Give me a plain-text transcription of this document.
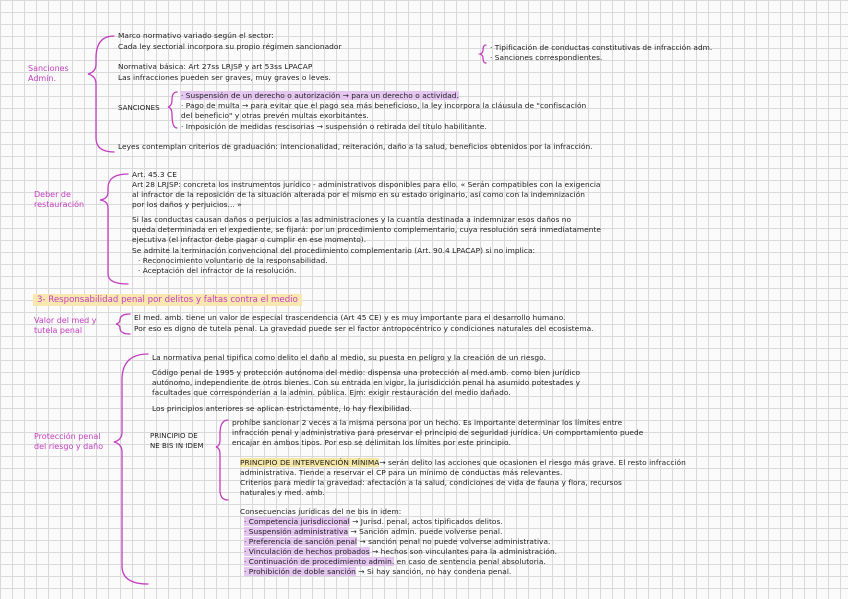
Sanciones
Admin.
Marco normativo variado según el sector:
Cada ley sectorial incorpora su propio régimen sancionador	· Tipificación de conductas constitutivas de infracción adm.
· Sanciones correspondientes.
Normativa básica: Art 27ss LRJSP y art 53ss LPACAP
Las infracciones pueden ser graves, muy graves o leves.
SANCIONES
· Suspensión de un derecho o autorización → para un derecho o actividad.
· Pago de multa → para evitar que el pago sea más beneficioso, la ley incorpora la cláusula de "confiscación
del beneficio" y otras prevén multas exorbitantes.
· Imposición de medidas rescisorias → suspensión o retirada del título habilitante.
Leyes contemplan criterios de graduación: intencionalidad, reiteración, daño a la salud, beneficios obtenidos por la infracción.
Deber de
restauración
Art. 45.3 CE
Art 28 LRJSP: concreta los instrumentos jurídico - administrativos disponibles para ello. « Serán compatibles con la exigencia
al infractor de la reposición de la situación alterada por el mismo en su estado originario, así como con la indemnización
por los daños y perjuicios... »
Si las conductas causan daños o perjuicios a las administraciones y la cuantía destinada a indemnizar esos daños no
queda determinada en el expediente, se fijará: por un procedimiento complementario, cuya resolución será inmediatamente
ejecutiva (el infractor debe pagar o cumplir en ese momento).
Se admite la terminación convencional del procedimiento complementario (Art. 90.4 LPACAP) si no implica:
· Reconocimiento voluntario de la responsabilidad.
· Aceptación del infractor de la resolución.
3- Responsabilidad penal por delitos y faltas contra el medio
Valor del med y
tutela penal
El med. amb. tiene un valor de especial trascendencia (Art 45 CE) y es muy importante para el desarrollo humano.
Por eso es digno de tutela penal. La gravedad puede ser el factor antropocéntrico y condiciones naturales del ecosistema.
Protección penal
del riesgo y daño
La normativa penal tipifica como delito el daño al medio, su puesta en peligro y la creación de un riesgo.
Código penal de 1995 y protección autónoma del medio: dispensa una protección al med.amb. como bien jurídico
autónomo, independiente de otros bienes. Con su entrada en vigor, la jurisdicción penal ha asumido potestades y
facultades que corresponderían a la admin. pública. Ejm: exigir restauración del medio dañado.
Los principios anteriores se aplican estrictamente, lo hay flexibilidad.
PRINCIPIO DE
NE BIS IN IDEM
prohíbe sancionar 2 veces a la misma persona por un hecho. Es importante determinar los límites entre
infracción penal y administrativa para preservar el principio de seguridad jurídica. Un comportamiento puede
encajar en ambos tipos. Por eso se delimitan los límites por este principio.
PRINCIPIO DE INTERVENCIÓN MÍNIMA→ serán delito las acciones que ocasionen el riesgo más grave. El resto infracción
administrativa. Tiende a reservar el CP para un mínimo de conductas más relevantes.
Criterios para medir la gravedad: afectación a la salud, condiciones de vida de fauna y flora, recursos
naturales y med. amb.
Consecuencias jurídicas del ne bis in idem:
· Competencia jurisdiccional → Jurisd. penal, actos tipificados delitos.
· Suspensión administrativa → Sanción admin. puede volverse penal.
· Preferencia de sanción penal → sanción penal no puede volverse administrativa.
· Vinculación de hechos probados → hechos son vinculantes para la administración.
· Continuación de procedimiento admin. en caso de sentencia penal absolutoria.
· Prohibición de doble sanción → Si hay sanción, no hay condena penal.
